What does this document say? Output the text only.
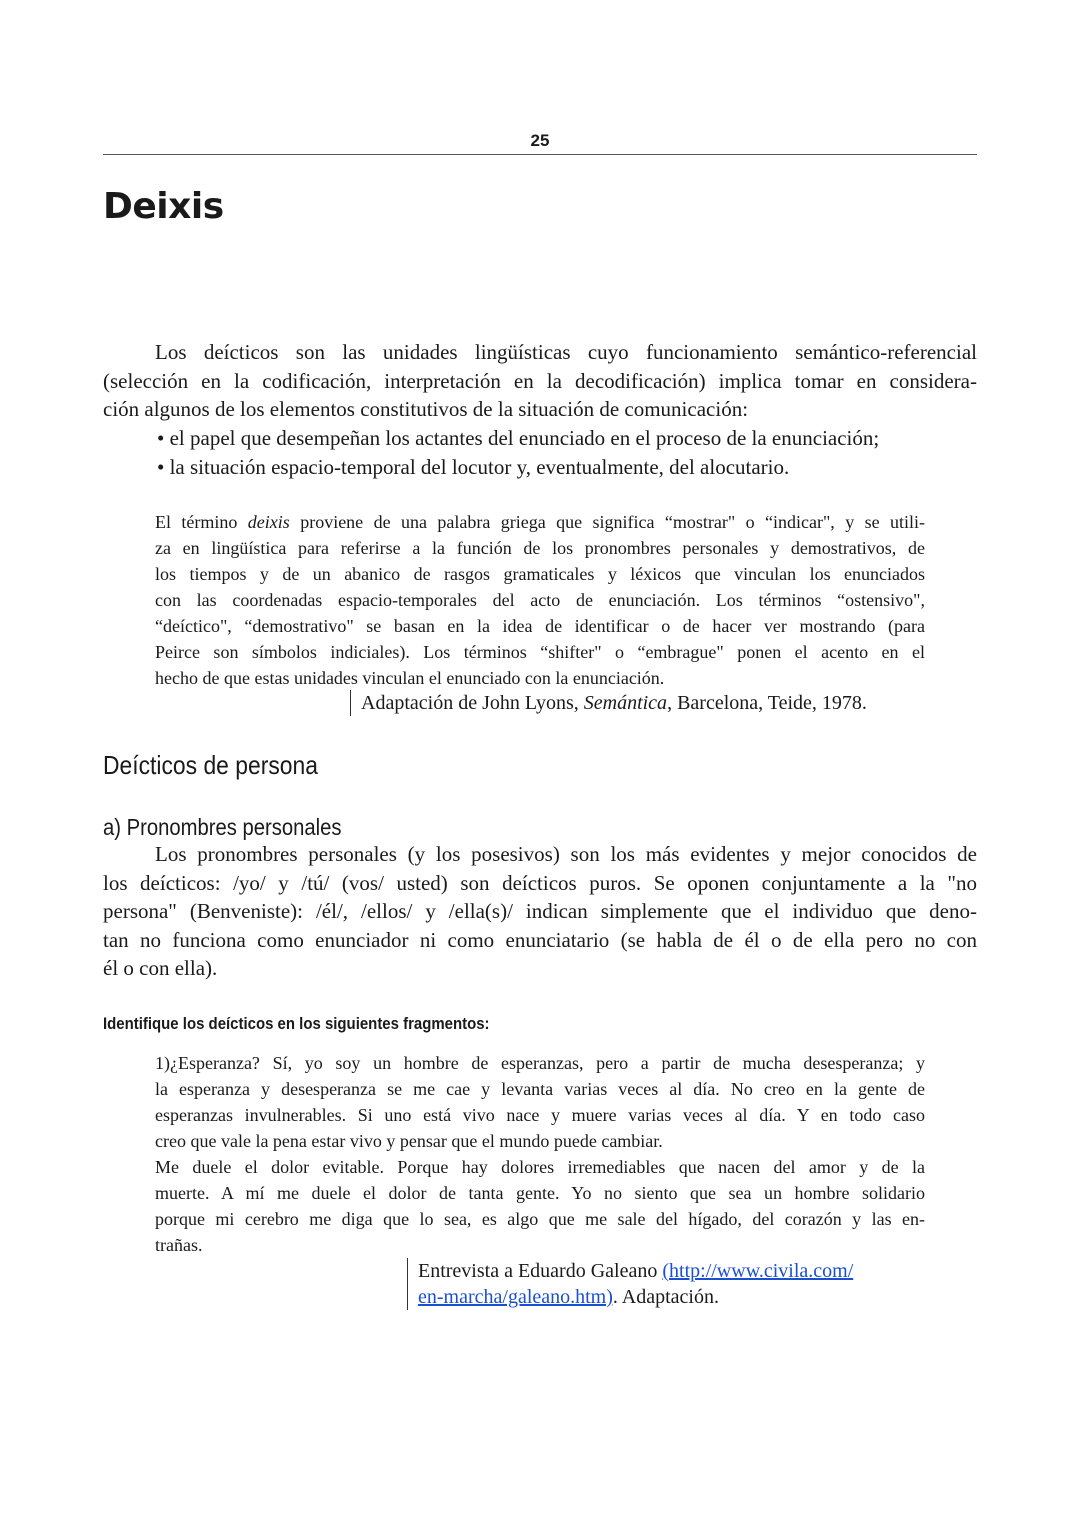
25
Deixis
Los deícticos son las unidades lingüísticas cuyo funcionamiento semántico-referencial
(selección en la codificación, interpretación en la decodificación) implica tomar en considera-
ción algunos de los elementos constitutivos de la situación de comunicación:
• el papel que desempeñan los actantes del enunciado en el proceso de la enunciación;
• la situación espacio-temporal del locutor y, eventualmente, del alocutario.
El término deixis proviene de una palabra griega que significa “mostrar" o “indicar", y se utili-
za en lingüística para referirse a la función de los pronombres personales y demostrativos, de
los tiempos y de un abanico de rasgos gramaticales y léxicos que vinculan los enunciados
con las coordenadas espacio-temporales del acto de enunciación. Los términos “ostensivo",
“deíctico", “demostrativo" se basan en la idea de identificar o de hacer ver mostrando (para
Peirce son símbolos indiciales). Los términos “shifter" o “embrague" ponen el acento en el
hecho de que estas unidades vinculan el enunciado con la enunciación.
Adaptación de John Lyons, Semántica, Barcelona, Teide, 1978.
Deícticos de persona
a) Pronombres personales
Los pronombres personales (y los posesivos) son los más evidentes y mejor conocidos de
los deícticos: /yo/ y /tú/ (vos/ usted) son deícticos puros. Se oponen conjuntamente a la "no
persona" (Benveniste): /él/, /ellos/ y /ella(s)/ indican simplemente que el individuo que deno-
tan no funciona como enunciador ni como enunciatario (se habla de él o de ella pero no con
él o con ella).
Identifique los deícticos en los siguientes fragmentos:
1)¿Esperanza? Sí, yo soy un hombre de esperanzas, pero a partir de mucha desesperanza; y
la esperanza y desesperanza se me cae y levanta varias veces al día. No creo en la gente de
esperanzas invulnerables. Si uno está vivo nace y muere varias veces al día. Y en todo caso
creo que vale la pena estar vivo y pensar que el mundo puede cambiar.
Me duele el dolor evitable. Porque hay dolores irremediables que nacen del amor y de la
muerte. A mí me duele el dolor de tanta gente. Yo no siento que sea un hombre solidario
porque mi cerebro me diga que lo sea, es algo que me sale del hígado, del corazón y las en-
trañas.
Entrevista a Eduardo Galeano (http://www.civila.com/
en-marcha/galeano.htm). Adaptación.
